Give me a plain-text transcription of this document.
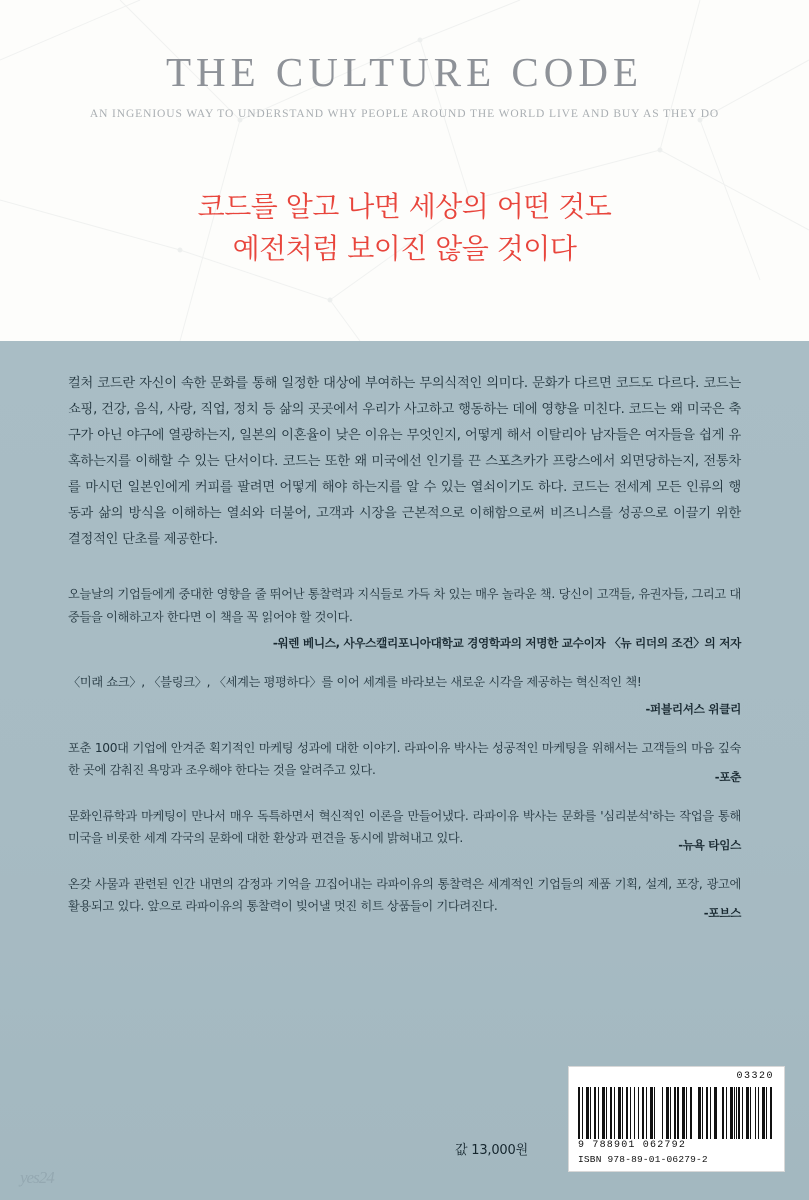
THE CULTURE CODE
AN INGENIOUS WAY TO UNDERSTAND WHY PEOPLE AROUND THE WORLD LIVE AND BUY AS THEY DO
코드를 알고 나면 세상의 어떤 것도
예전처럼 보이진 않을 것이다

컬처 코드란 자신이 속한 문화를 통해 일정한 대상에 부여하는 무의식적인 의미다. 문화가 다르면 코드도 다르다. 코드는 쇼핑, 건강, 음식, 사랑, 직업, 정치 등 삶의 곳곳에서 우리가 사고하고 행동하는 데에 영향을 미친다. 코드는 왜 미국은 축구가 아닌 야구에 열광하는지, 일본의 이혼율이 낮은 이유는 무엇인지, 어떻게 해서 이탈리아 남자들은 여자들을 쉽게 유혹하는지를 이해할 수 있는 단서이다. 코드는 또한 왜 미국에선 인기를 끈 스포츠카가 프랑스에서 외면당하는지, 전통차를 마시던 일본인에게 커피를 팔려면 어떻게 해야 하는지를 알 수 있는 열쇠이기도 하다. 코드는 전세계 모든 인류의 행동과 삶의 방식을 이해하는 열쇠와 더불어, 고객과 시장을 근본적으로 이해함으로써 비즈니스를 성공으로 이끌기 위한 결정적인 단초를 제공한다.

오늘날의 기업들에게 중대한 영향을 줄 뛰어난 통찰력과 지식들로 가득 차 있는 매우 놀라운 책. 당신이 고객들, 유권자들, 그리고 대중들을 이해하고자 한다면 이 책을 꼭 읽어야 할 것이다.

-워렌 베니스, 사우스캘리포니아대학교 경영학과의 저명한 교수이자 〈뉴 리더의 조건〉의 저자

〈미래 쇼크〉, 〈블링크〉, 〈세계는 평평하다〉를 이어 세계를 바라보는 새로운 시각을 제공하는 혁신적인 책!

-퍼블리셔스 위클리

포춘 100대 기업에 안겨준 획기적인 마케팅 성과에 대한 이야기. 라파이유 박사는 성공적인 마케팅을 위해서는 고객들의 마음 깊숙한 곳에 감춰진 욕망과 조우해야 한다는 것을 알려주고 있다.	-포춘

문화인류학과 마케팅이 만나서 매우 독특하면서 혁신적인 이론을 만들어냈다. 라파이유 박사는 문화를 '심리분석'하는 작업을 통해 미국을 비롯한 세계 각국의 문화에 대한 환상과 편견을 동시에 밝혀내고 있다.	-뉴욕 타임스

온갖 사물과 관련된 인간 내면의 감정과 기억을 끄집어내는 라파이유의 통찰력은 세계적인 기업들의 제품 기획, 설계, 포장, 광고에 활용되고 있다. 앞으로 라파이유의 통찰력이 빚어낼 멋진 히트 상품들이 기다려진다.	-포브스

값 13,000원
03320
9 788901 062792
ISBN 978-89-01-06279-2
yes24
